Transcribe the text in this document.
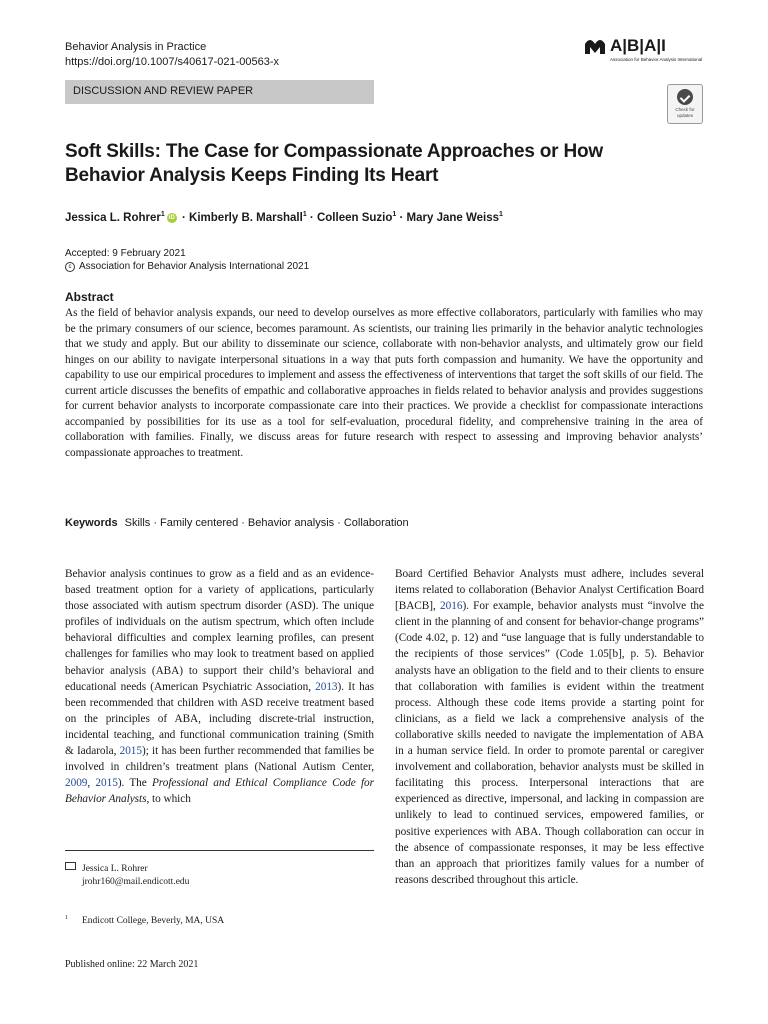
Behavior Analysis in Practice
https://doi.org/10.1007/s40617-021-00563-x
A|B|A|I
Association for Behavior Analysis International
DISCUSSION AND REVIEW PAPER
Check for updates
Soft Skills: The Case for Compassionate Approaches or How Behavior Analysis Keeps Finding Its Heart
Jessica L. Rohrer$^1$ iD · Kimberly B. Marshall$^1$ · Colleen Suzio$^1$ · Mary Jane Weiss$^1$
Accepted: 9 February 2021
c Association for Behavior Analysis International 2021
Abstract
As the field of behavior analysis expands, our need to develop ourselves as more effective collaborators, particularly with families who may be the primary consumers of our science, becomes paramount. As scientists, our training lies primarily in the behavior analytic technologies that we study and apply. But our ability to disseminate our science, collaborate with non-behavior analysts, and ultimately grow our field hinges on our ability to navigate interpersonal situations in a way that puts forth compassion and humanity. We have the opportunity and capability to use our empirical procedures to implement and assess the effectiveness of interventions that target the soft skills of our field. The current article discusses the benefits of empathic and collaborative approaches in fields related to behavior analysis and provides suggestions for current behavior analysts to incorporate compassionate care into their practices. We provide a checklist for compassionate interactions accompanied by possibilities for its use as a tool for self-evaluation, procedural fidelity, and comprehensive training in the area of collaboration with families. Finally, we discuss areas for future research with respect to assessing and improving behavior analysts’ compassionate approaches to treatment.
Keywords Skills · Family centered · Behavior analysis · Collaboration
Behavior analysis continues to grow as a field and as an evidence-based treatment option for a variety of applications, particularly those associated with autism spectrum disorder (ASD). The unique profiles of individuals on the autism spectrum, which often include behavioral difficulties and complex learning profiles, can present challenges for families who may look to treatment based on applied behavior analysis (ABA) to support their child’s behavioral and educational needs (American Psychiatric Association, 2013). It has been recommended that children with ASD receive treatment based on the principles of ABA, including discrete-trial instruction, incidental teaching, and functional communication training (Smith & Iadarola, 2015); it has been further recommended that families be involved in children’s treatment plans (National Autism Center, 2009, 2015). The Professional and Ethical Compliance Code for Behavior Analysts, to which
Board Certified Behavior Analysts must adhere, includes several items related to collaboration (Behavior Analyst Certification Board [BACB], 2016). For example, behavior analysts must “involve the client in the planning of and consent for behavior-change programs” (Code 4.02, p. 12) and “use language that is fully understandable to the recipients of those services” (Code 1.05[b], p. 5). Behavior analysts have an obligation to the field and to their clients to ensure that collaboration with families is evident within the treatment process. Although these code items provide a starting point for clinicians, as a field we lack a comprehensive analysis of the collaborative skills needed to navigate the implementation of ABA in a human service field. In order to promote parental or caregiver involvement and collaboration, behavior analysts must be skilled in facilitating this process. Interpersonal interactions that are experienced as directive, impersonal, and lacking in compassion are unlikely to lead to continued services, empowered families, or positive experiences with ABA. Though collaboration can occur in the absence of compassionate responses, it may be less effective than an approach that prioritizes family values for a number of reasons described throughout this article.
Jessica L. Rohrer
jrohr160@mail.endicott.edu
$^1$ Endicott College, Beverly, MA, USA
Published online: 22 March 2021
